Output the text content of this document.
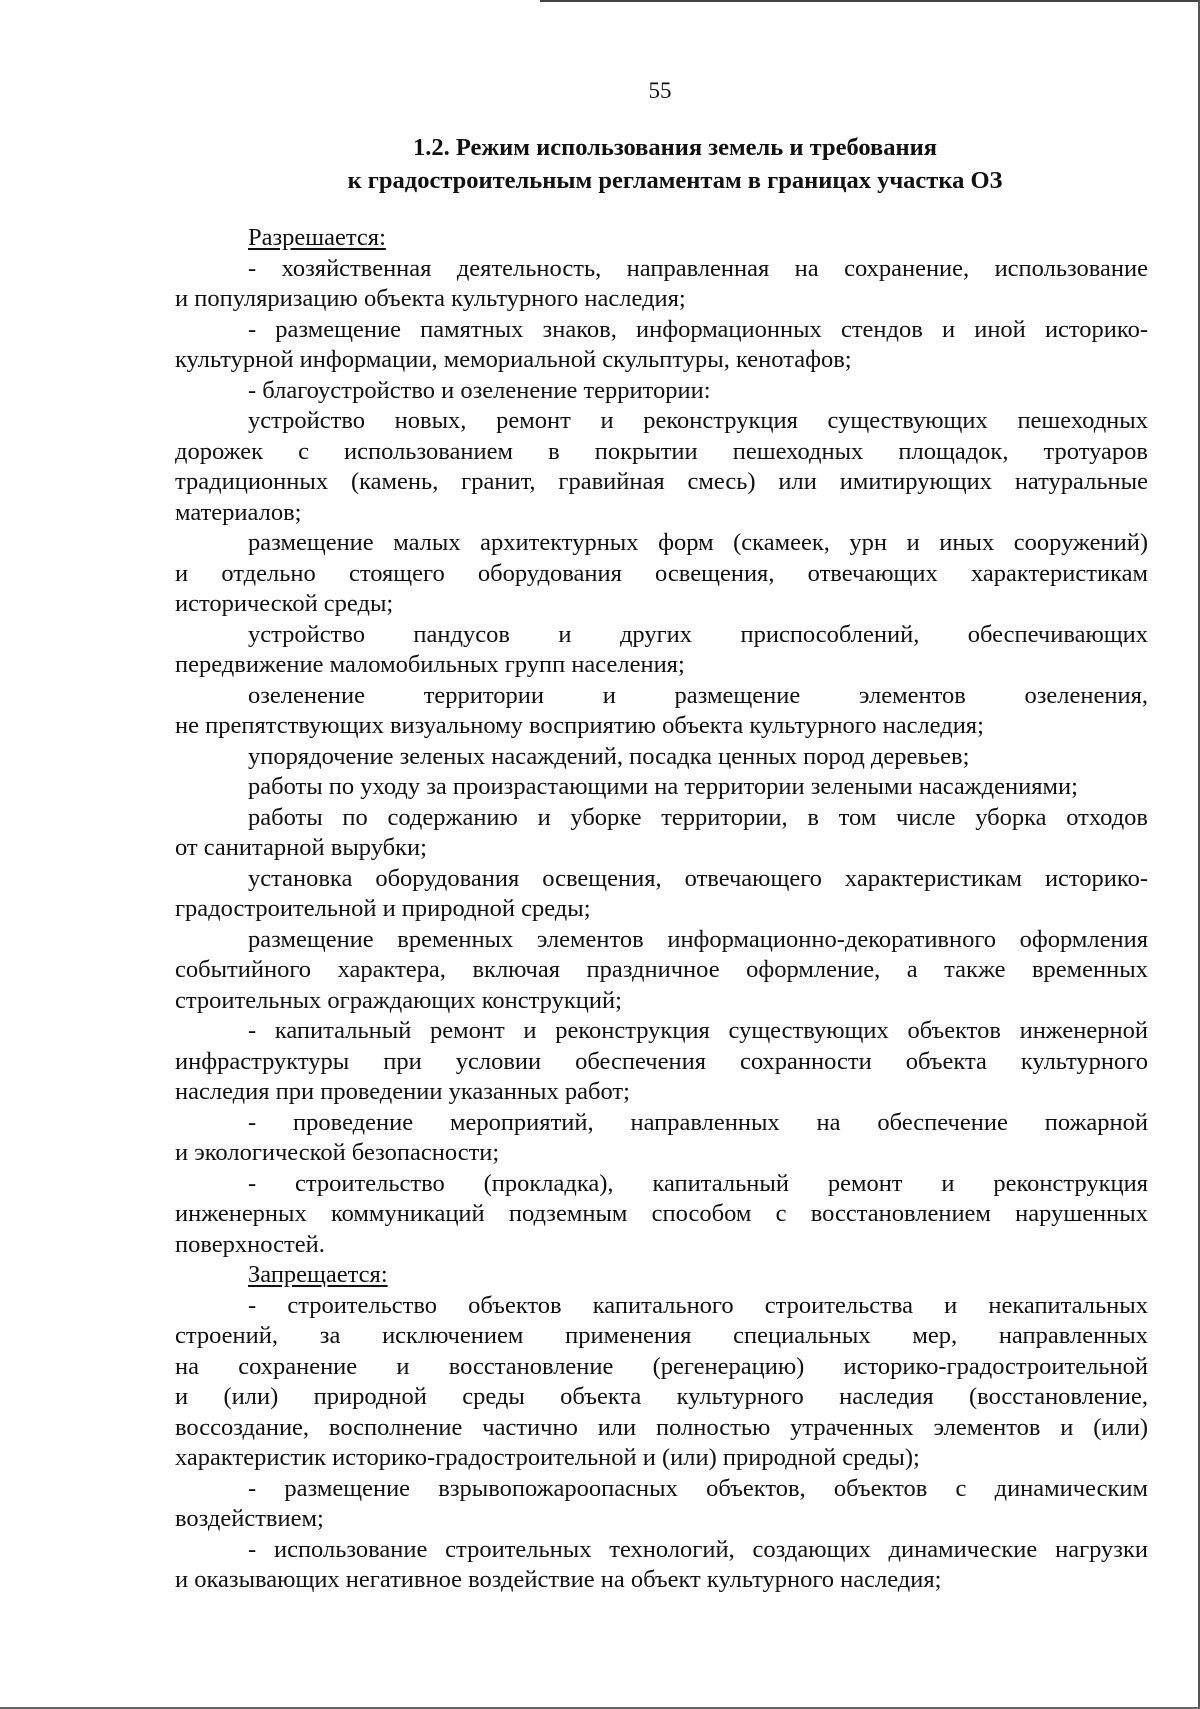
55
1.2. Режим использования земель и требования
к градостроительным регламентам в границах участка ОЗ
Разрешается:
- хозяйственная деятельность, направленная на сохранение, использование
и популяризацию объекта культурного наследия;
- размещение памятных знаков, информационных стендов и иной историко-
культурной информации, мемориальной скульптуры, кенотафов;
- благоустройство и озеленение территории:
устройство новых, ремонт и реконструкция существующих пешеходных
дорожек с использованием в покрытии пешеходных площадок, тротуаров
традиционных (камень, гранит, гравийная смесь) или имитирующих натуральные
материалов;
размещение малых архитектурных форм (скамеек, урн и иных сооружений)
и отдельно стоящего оборудования освещения, отвечающих характеристикам
исторической среды;
устройство пандусов и других приспособлений, обеспечивающих
передвижение маломобильных групп населения;
озеленение территории и размещение элементов озеленения,
не препятствующих визуальному восприятию объекта культурного наследия;
упорядочение зеленых насаждений, посадка ценных пород деревьев;
работы по уходу за произрастающими на территории зелеными насаждениями;
работы по содержанию и уборке территории, в том числе уборка отходов
от санитарной вырубки;
установка оборудования освещения, отвечающего характеристикам историко-
градостроительной и природной среды;
размещение временных элементов информационно-декоративного оформления
событийного характера, включая праздничное оформление, а также временных
строительных ограждающих конструкций;
- капитальный ремонт и реконструкция существующих объектов инженерной
инфраструктуры при условии обеспечения сохранности объекта культурного
наследия при проведении указанных работ;
- проведение мероприятий, направленных на обеспечение пожарной
и экологической безопасности;
- строительство (прокладка), капитальный ремонт и реконструкция
инженерных коммуникаций подземным способом с восстановлением нарушенных
поверхностей.
Запрещается:
- строительство объектов капитального строительства и некапитальных
строений, за исключением применения специальных мер, направленных
на сохранение и восстановление (регенерацию) историко-градостроительной
и (или) природной среды объекта культурного наследия (восстановление,
воссоздание, восполнение частично или полностью утраченных элементов и (или)
характеристик историко-градостроительной и (или) природной среды);
- размещение взрывопожароопасных объектов, объектов с динамическим
воздействием;
- использование строительных технологий, создающих динамические нагрузки
и оказывающих негативное воздействие на объект культурного наследия;
